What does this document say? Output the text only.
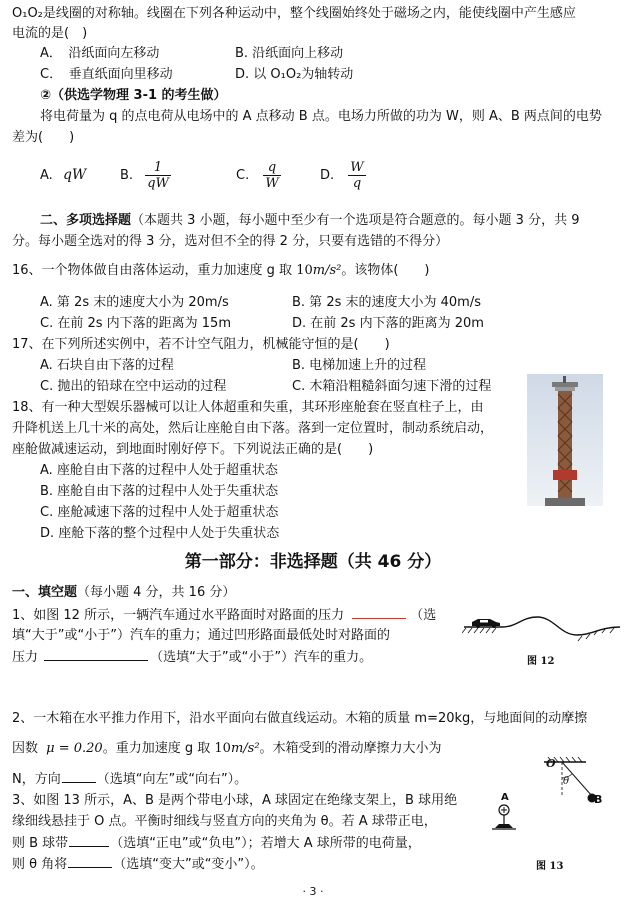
O₁O₂是线圈的对称轴。线圈在下列各种运动中，整个线圈始终处于磁场之内，能使线圈中产生感应
电流的是(　)
A．　沿纸面向左移动	B. 沿纸面向上移动
C．　垂直纸面向里移动	D. 以 O₁O₂为轴转动
②（供选学物理 3-1 的考生做）
将电荷量为 q 的点电荷从电场中的 A 点移动 B 点。电场力所做的功为 W，则 A、B 两点间的电势
差为(　　)
A. qW	B. $\frac{1}{qW}$	C. $\frac{q}{W}$	D. $\frac{W}{q}$
二、多项选择题（本题共 3 小题，每小题中至少有一个选项是符合题意的。每小题 3 分，共 9
分。每小题全选对的得 3 分，选对但不全的得 2 分，只要有选错的不得分）
16、一个物体做自由落体运动，重力加速度 g 取 10m/s²。该物体(　　)
A. 第 2s 末的速度大小为 20m/s	B. 第 2s 末的速度大小为 40m/s
C. 在前 2s 内下落的距离为 15m	D. 在前 2s 内下落的距离为 20m
17、在下列所述实例中，若不计空气阻力，机械能守恒的是(　　)
A. 石块自由下落的过程	B. 电梯加速上升的过程
C. 抛出的铅球在空中运动的过程	C. 木箱沿粗糙斜面匀速下滑的过程
18、有一种大型娱乐器械可以让人体超重和失重，其环形座舱套在竖直柱子上，由
升降机送上几十米的高处，然后让座舱自由下落。落到一定位置时，制动系统启动，
座舱做减速运动，到地面时刚好停下。下列说法正确的是(　　)
A. 座舱自由下落的过程中人处于超重状态
B. 座舱自由下落的过程中人处于失重状态
C. 座舱减速下落的过程中人处于超重状态
D. 座舱下落的整个过程中人处于失重状态
第一部分：非选择题（共 46 分）
一、填空题（每小题 4 分，共 16 分）
1、如图 12 所示，一辆汽车通过水平路面时对路面的压力	（选
填“大于”或“小于”）汽车的重力；通过凹形路面最低处时对路面的
压力	（选填“大于”或“小于”）汽车的重力。	图 12
2、一木箱在水平推力作用下，沿水平面向右做直线运动。木箱的质量 m=20kg，与地面间的动摩擦
因数 μ = 0.20。重力加速度 g 取 10m/s²。木箱受到的滑动摩擦力大小为
N，方向	（选填“向左”或“向右”）。
3、如图 13 所示，A、B 是两个带电小球，A 球固定在绝缘支架上，B 球用绝
缘细线悬挂于 O 点。平衡时细线与竖直方向的夹角为 θ。若 A 球带正电，
则 B 球带	（选填“正电”或“负电”）；若增大 A 球所带的电荷量，
则 θ 角将	（选填“变大”或“变小”）。
O
θ
A	B
图 13
· 3 ·
